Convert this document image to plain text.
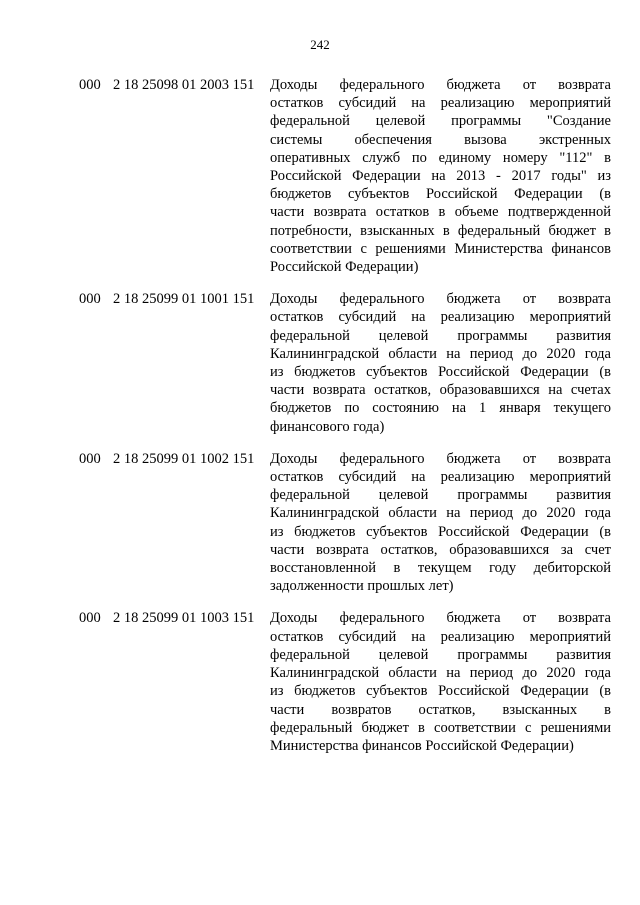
242
000 2 18 25098 01 2003 151 Доходы федерального бюджета от возврата
остатков субсидий на реализацию мероприятий
федеральной целевой программы "Создание
системы обеспечения вызова экстренных
оперативных служб по единому номеру "112" в
Российской Федерации на 2013 - 2017 годы" из
бюджетов субъектов Российской Федерации (в
части возврата остатков в объеме подтвержденной
потребности, взысканных в федеральный бюджет в
соответствии с решениями Министерства финансов
Российской Федерации)
000 2 18 25099 01 1001 151 Доходы федерального бюджета от возврата
остатков субсидий на реализацию мероприятий
федеральной целевой программы развития
Калининградской области на период до 2020 года
из бюджетов субъектов Российской Федерации (в
части возврата остатков, образовавшихся на счетах
бюджетов по состоянию на 1 января текущего
финансового года)
000 2 18 25099 01 1002 151 Доходы федерального бюджета от возврата
остатков субсидий на реализацию мероприятий
федеральной целевой программы развития
Калининградской области на период до 2020 года
из бюджетов субъектов Российской Федерации (в
части возврата остатков, образовавшихся за счет
восстановленной в текущем году дебиторской
задолженности прошлых лет)
000 2 18 25099 01 1003 151 Доходы федерального бюджета от возврата
остатков субсидий на реализацию мероприятий
федеральной целевой программы развития
Калининградской области на период до 2020 года
из бюджетов субъектов Российской Федерации (в
части возвратов остатков, взысканных в
федеральный бюджет в соответствии с решениями
Министерства финансов Российской Федерации)
